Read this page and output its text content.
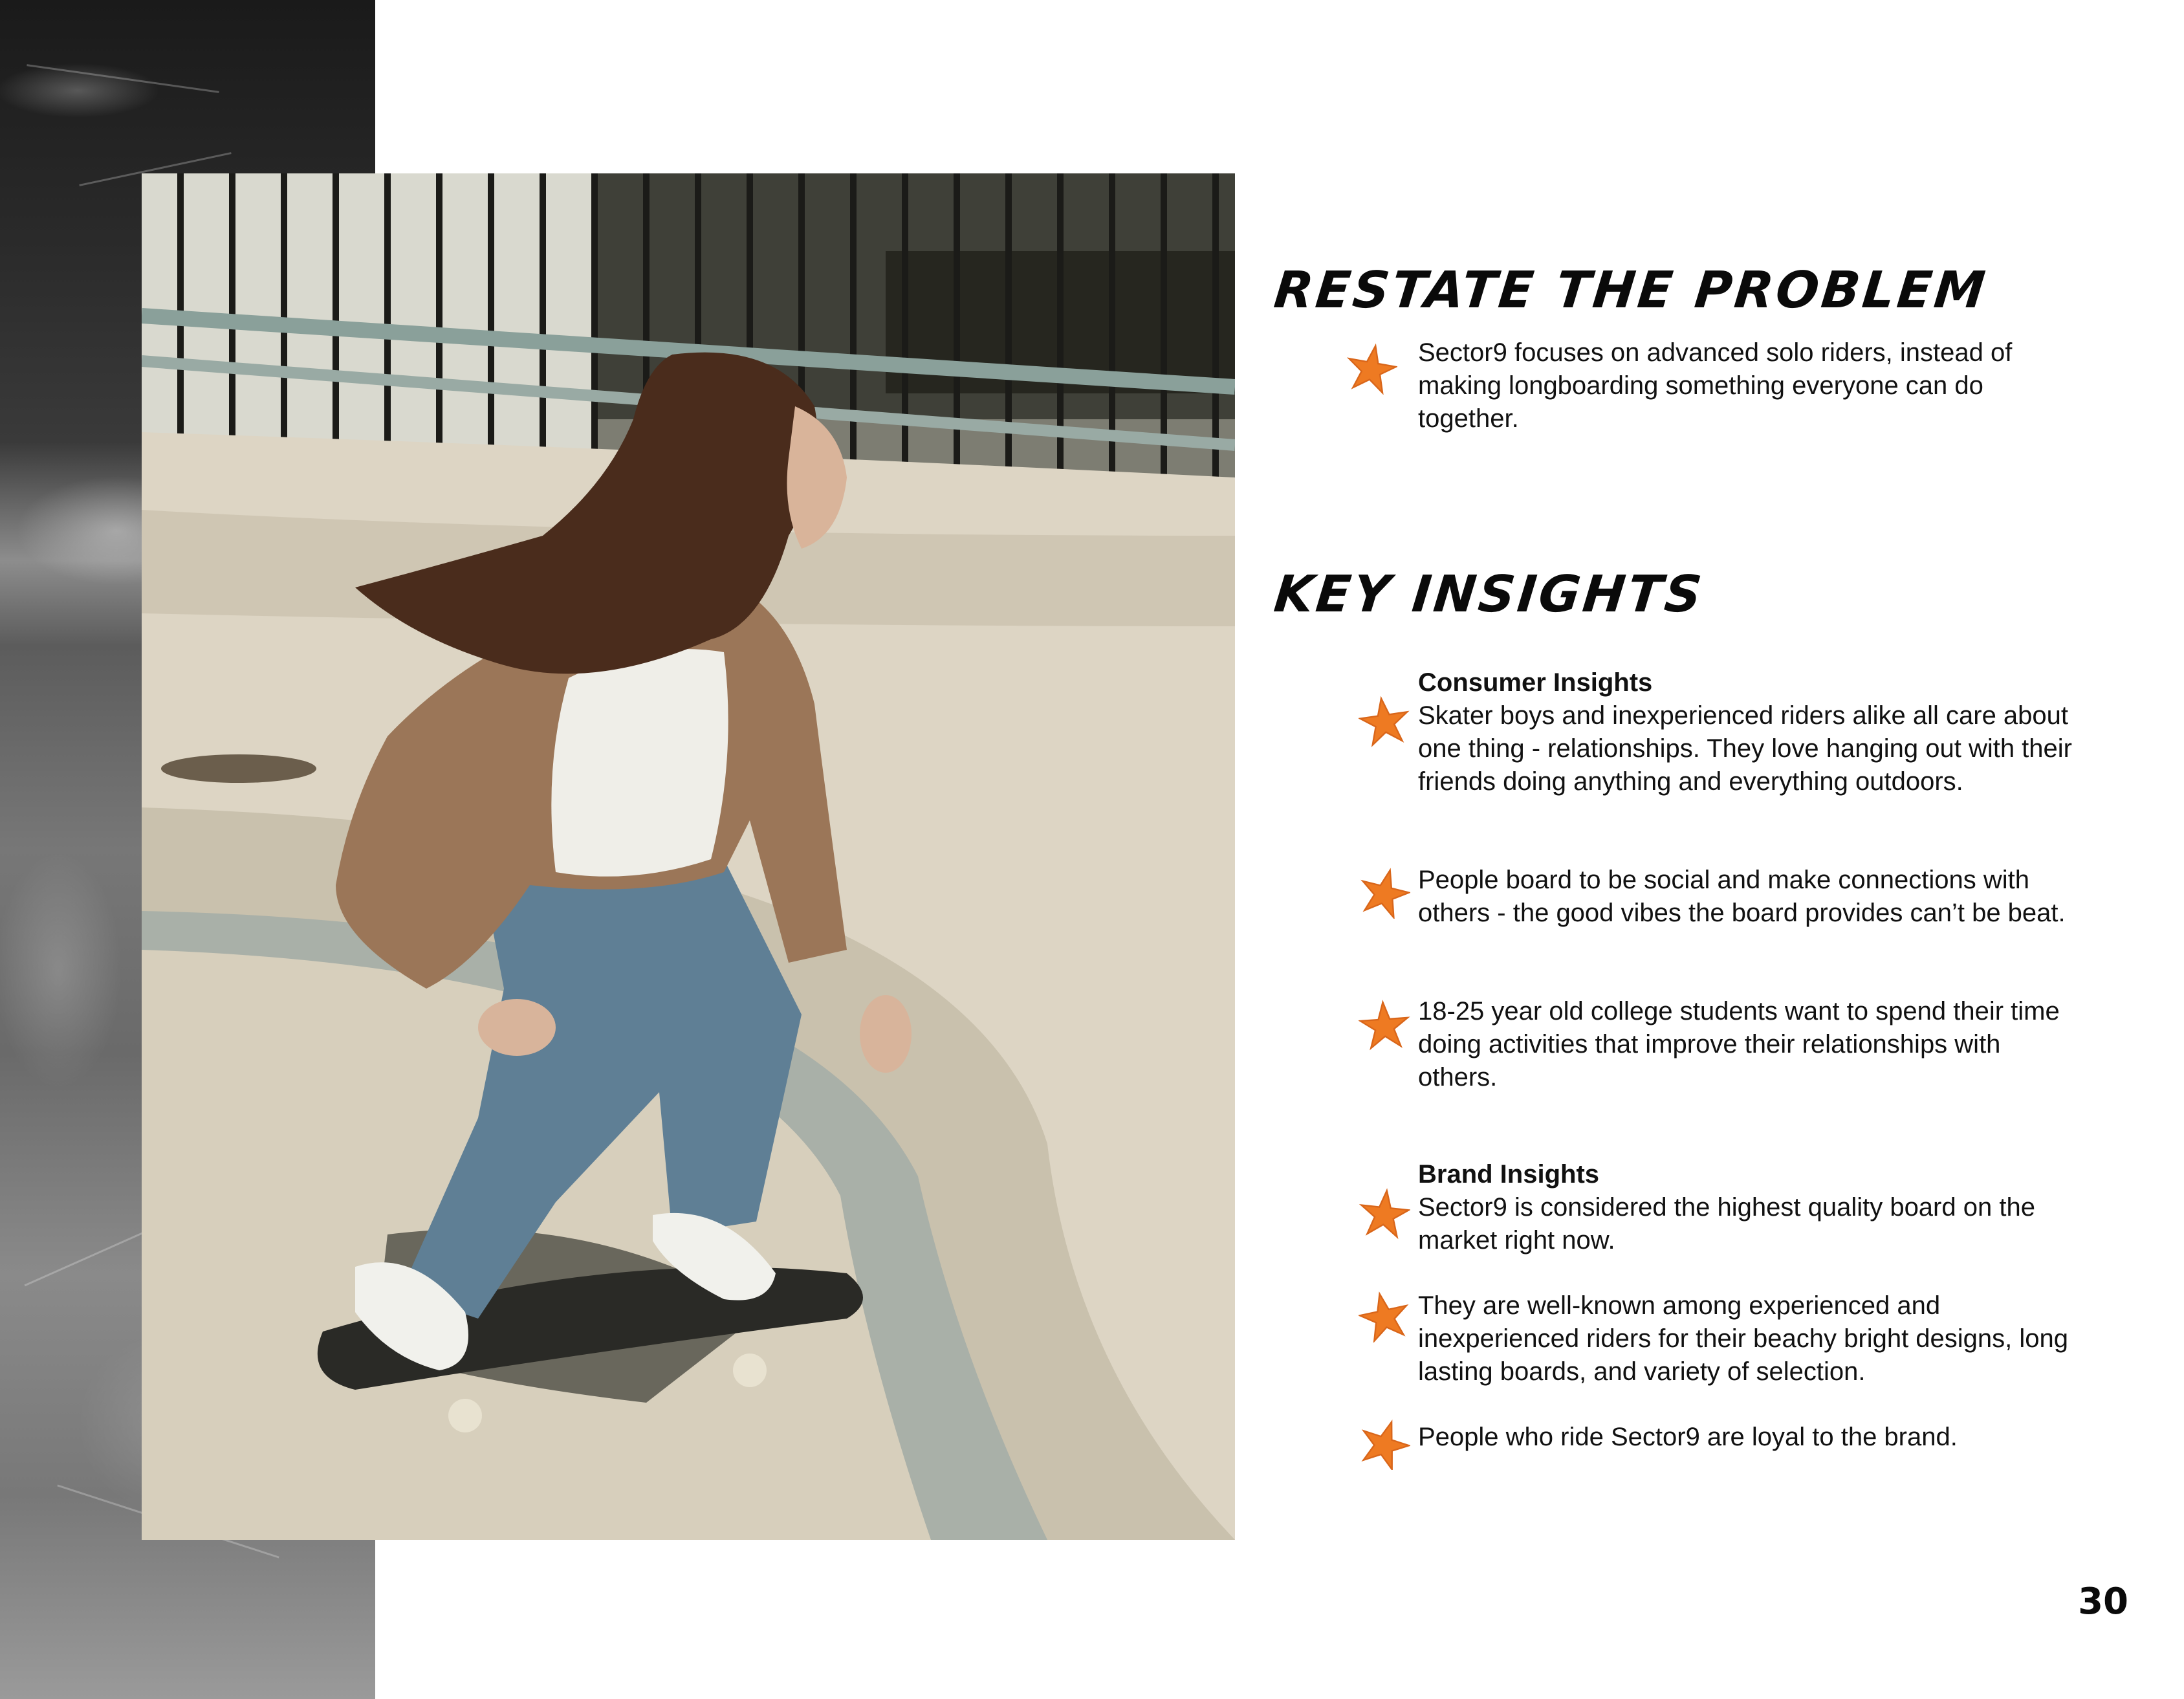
RESTATE THE PROBLEM

Sector9 focuses on advanced solo riders, instead of making longboarding something everyone can do together.

KEY INSIGHTS
Consumer Insights

Skater boys and inexperienced riders alike all care about one thing - relationships. They love hanging out with their friends doing anything and everything outdoors.

People board to be social and make connections with others - the good vibes the board provides can’t be beat.

18-25 year old college students want to spend their time doing activities that improve their relationships with others.

Brand Insights

Sector9 is considered the highest quality board on the market right now.

They are well-known among experienced and inexperienced riders for their beachy bright designs, long lasting boards, and variety of selection.

People who ride Sector9 are loyal to the brand.

30
